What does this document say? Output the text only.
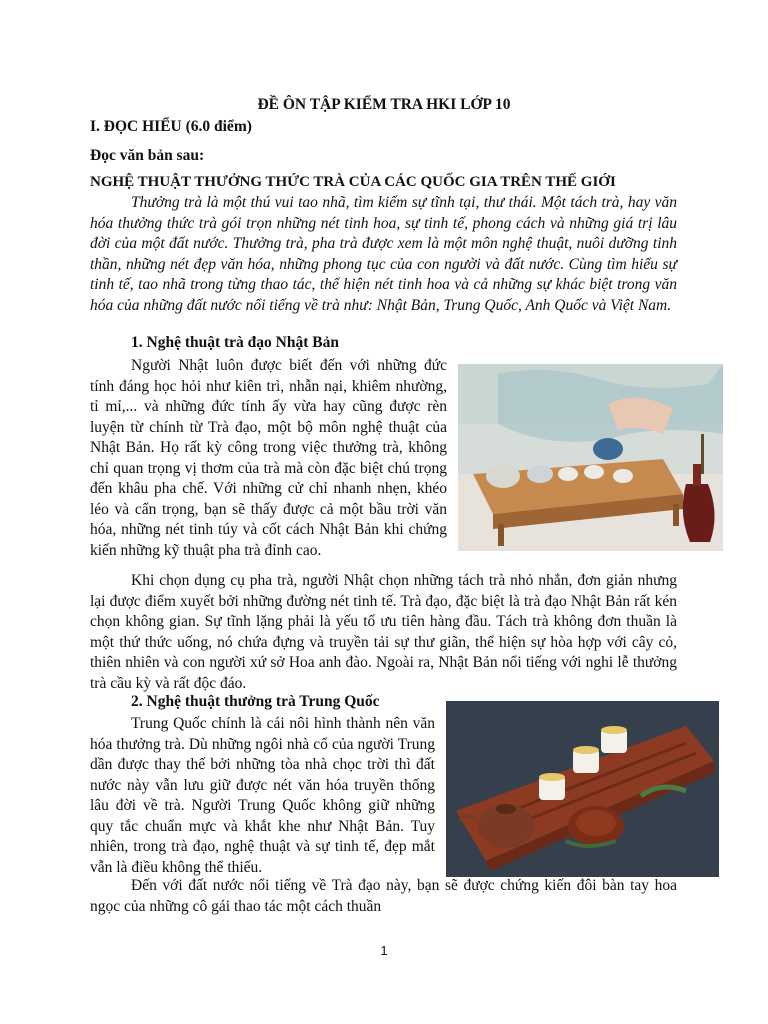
ĐỀ ÔN TẬP KIỂM TRA HKI LỚP 10

I. ĐỌC HIỂU (6.0 điểm)

Đọc văn bản sau:

NGHỆ THUẬT THƯỞNG THỨC TRÀ CỦA CÁC QUỐC GIA TRÊN THẾ GIỚI

Thưởng trà là một thú vui tao nhã, tìm kiếm sự tĩnh tại, thư thái. Một tách trà, hay văn hóa thưởng thức trà gói trọn những nét tinh hoa, sự tinh tế, phong cách và những giá trị lâu đời của một đất nước. Thưởng trà, pha trà được xem là một môn nghệ thuật, nuôi dưỡng tinh thần, những nét đẹp văn hóa, những phong tục của con người và đất nước. Cùng tìm hiểu sự tinh tế, tao nhã trong từng thao tác, thể hiện nét tinh hoa và cả những sự khác biệt trong văn hóa của những đất nước nổi tiếng về trà như: Nhật Bản, Trung Quốc, Anh Quốc và Việt Nam.

1. Nghệ thuật trà đạo Nhật Bản

Người Nhật luôn được biết đến với những đức tính đáng học hỏi như kiên trì, nhẫn nại, khiêm nhường, tỉ mỉ,... và những đức tính ấy vừa hay cũng được rèn luyện từ chính từ Trà đạo, một bộ môn nghệ thuật của Nhật Bản. Họ rất kỳ công trong việc thưởng trà, không chỉ quan trọng vị thơm của trà mà còn đặc biệt chú trọng đến khâu pha chế. Với những cử chỉ nhanh nhẹn, khéo léo và cẩn trọng, bạn sẽ thấy được cả một bầu trời văn hóa, những nét tinh túy và cốt cách Nhật Bản khi chứng kiến những kỹ thuật pha trà đỉnh cao.

Khi chọn dụng cụ pha trà, người Nhật chọn những tách trà nhỏ nhắn, đơn giản nhưng lại được điểm xuyết bởi những đường nét tinh tế. Trà đạo, đặc biệt là trà đạo Nhật Bản rất kén chọn không gian. Sự tĩnh lặng phải là yếu tố ưu tiên hàng đầu. Tách trà không đơn thuần là một thứ thức uống, nó chứa đựng và truyền tải sự thư giãn, thể hiện sự hòa hợp với cây cỏ, thiên nhiên và con người xứ sở Hoa anh đào. Ngoài ra, Nhật Bản nổi tiếng với nghi lễ thưởng trà cầu kỳ và rất độc đáo.

2. Nghệ thuật thưởng trà Trung Quốc

Trung Quốc chính là cái nôi hình thành nên văn hóa thưởng trà. Dù những ngôi nhà cổ của người Trung dần được thay thế bởi những tòa nhà chọc trời thì đất nước này vẫn lưu giữ được nét văn hóa truyền thống lâu đời về trà. Người Trung Quốc không giữ những quy tắc chuẩn mực và khắt khe như Nhật Bản. Tuy nhiên, trong trà đạo, nghệ thuật và sự tinh tế, đẹp mắt vẫn là điều không thể thiếu.

Đến với đất nước nổi tiếng về Trà đạo này, bạn sẽ được chứng kiến đôi bàn tay hoa ngọc của những cô gái thao tác một cách thuần

1
